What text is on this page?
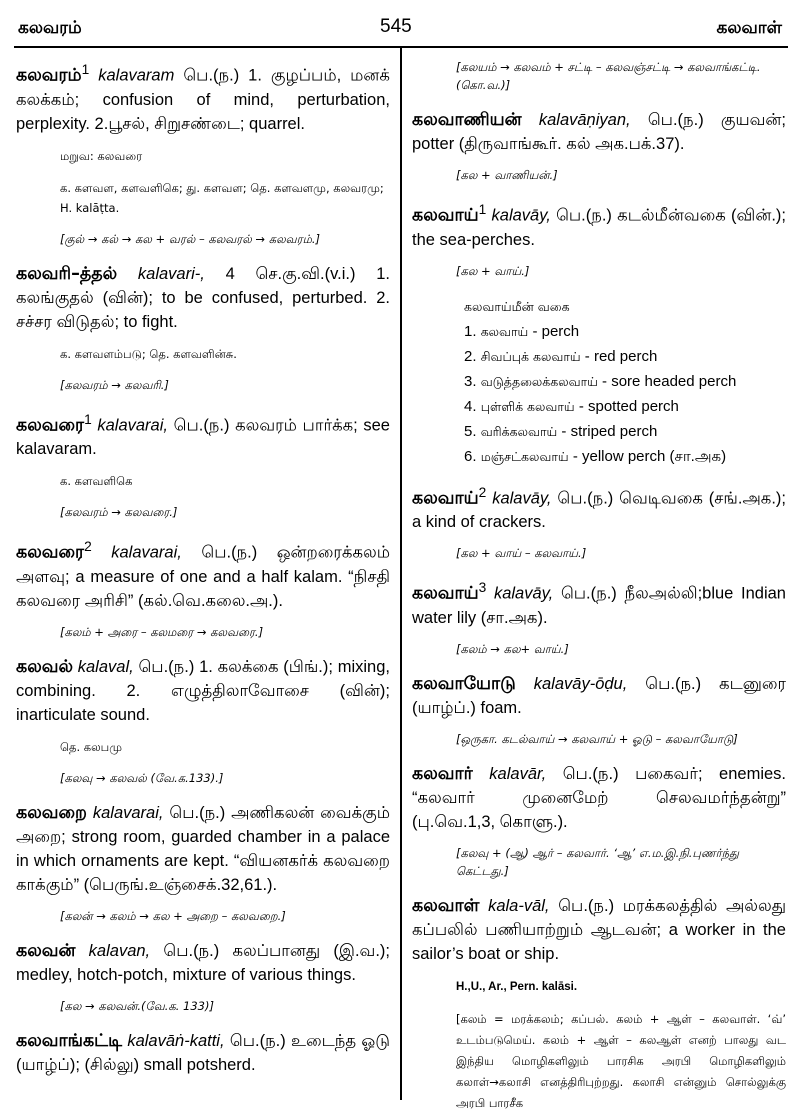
கலவரம்	545	கலவாள்
கலவரம்$^1$ kalavaram பெ.(ந.) 1. குழப்பம், மனக் கலக்கம்; confusion of mind, perturbation, perplexity. 2.பூசல், சிறுசண்டை; quarrel.
மறுவ: கலவரை
க. களவள, களவளிகெ; து. களவள; தெ. களவளமு, கலவரமு; H. kalāṭta.
[குல் → கல் → கல + வரல் – கலவரல் → கலவரம்.]
கலவரி–த்தல் kalavari-, 4 செ.கு.வி.(v.i.) 1. கலங்குதல் (வின்); to be confused, perturbed. 2. சச்சர விடுதல்; to fight.
க. களவளம்படு; தெ. களவளின்சு.
[கலவரம் → கலவரி.]
கலவரை$^1$ kalavarai, பெ.(ந.) கலவரம் பார்க்க; see kalavaram.
க. களவளிகெ
[கலவரம் → கலவரை.]
கலவரை$^2$ kalavarai, பெ.(ந.) ஒன்றரைக்கலம் அளவு; a measure of one and a half kalam. “நிசதி கலவரை அரிசி” (கல்.வெ.கலை.அ.).
[கலம் + அரை – கலமரை → கலவரை.]
கலவல் kalaval, பெ.(ந.) 1. கலக்கை (பிங்.); mixing, combining. 2. எழுத்திலாவோசை (வின்); inarticulate sound.
தெ. கலபமு
[கலவு → கலவல் (வே.க.133).]
கலவறை kalavarai, பெ.(ந.) அணிகலன் வைக்கும் அறை; strong room, guarded chamber in a palace in which ornaments are kept. “வியனகர்க் கலவறை காக்கும்” (பெருங்.உஞ்சைக்.32,61.).
[கலன் → கலம் → கல + அறை – கலவறை.]
கலவன் kalavan, பெ.(ந.) கலப்பானது (இ.வ.); medley, hotch-potch, mixture of various things.
[கல → கலவன்.(வே.க. 133)]
கலவாங்கட்டி kalavāṅ-katti, பெ.(ந.) உடைந்த ஓடு (யாழ்ப்); (சில்லு) small potsherd.
[கலயம் → கலவம் + சட்டி – கலவஞ்சட்டி → கலவாங்கட்டி. (கொ.வ.)]
கலவாணியன் kalavāṇiyan, பெ.(ந.) குயவன்; potter (திருவாங்கூர். கல் அக.பக்.37).
[கல + வாணியன்.]
கலவாய்$^1$ kalavāy, பெ.(ந.) கடல்மீன்வகை (வின்.); the sea-perches.
[கல + வாய்.]
கலவாய்மீன் வகை
1. கலவாய் - perch
2. சிவப்புக் கலவாய் - red perch
3. வடுத்தலைக்கலவாய் - sore headed perch
4. புள்ளிக் கலவாய் - spotted perch
5. வரிக்கலவாய் - striped perch
6. மஞ்சட்கலவாய் - yellow perch (சா.அக)
கலவாய்$^2$ kalavāy, பெ.(ந.) வெடிவகை (சங்.அக.); a kind of crackers.
[கல + வாய் – கலவாய்.]
கலவாய்$^3$ kalavāy, பெ.(ந.) நீலஅல்லி;blue Indian water lily (சா.அக).
[கலம் → கல+ வாய்.]
கலவாயோடு kalavāy-ōḍu, பெ.(ந.) கடனுரை (யாழ்ப்.) foam.
[ஒருகா. கடல்வாய் → கலவாய் + ஓடு – கலவாயோடு]
கலவார் kalavār, பெ.(ந.) பகைவர்; enemies. “கலவார் முனைமேற் செலவமர்ந்தன்று” (பு.வெ.1,3, கொளு.).
[கலவு + (ஆ) ஆர் – கலவார். ‘ஆ’ எ.ம.இ.நி.புணர்ந்து கெட்டது.]
கலவாள் kala-vāl, பெ.(ந.) மரக்கலத்தில் அல்லது கப்பலில் பணியாற்றும் ஆடவன்; a worker in the sailor’s boat or ship.
H.,U., Ar., Pern. kalāsi.
[கலம் = மரக்கலம்; கப்பல். கலம் + ஆள் – கலவாள். ‘வ்’ உடம்படுமெய். கலம் + ஆள் – கலஆள் எனற் பாலது வட இந்திய மொழிகளிலும் பாரசிக அரபி மொழிகளிலும் கலாள்→கலாசி எனத்திரிபுற்றது. கலாசி என்னும் சொல்லுக்கு அரபி பாரசீக
